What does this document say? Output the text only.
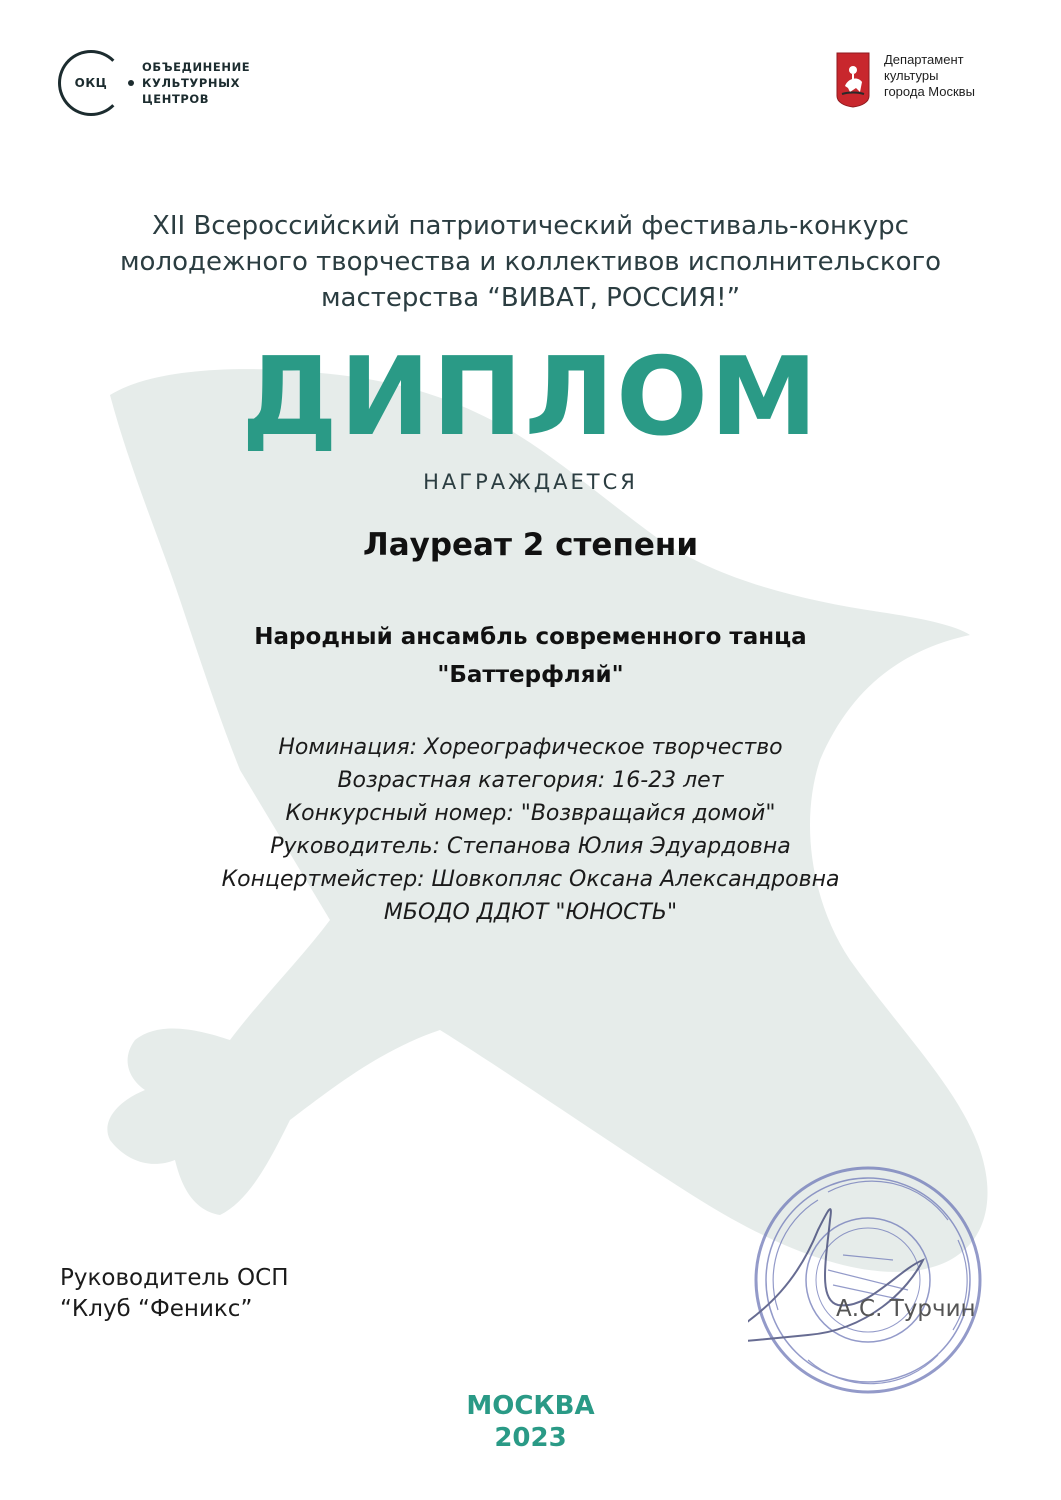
ОКЦ
ОБЪЕДИНЕНИЕ
КУЛЬТУРНЫХ
ЦЕНТРОВ
Департамент
культуры
города Москвы
XII Всероссийский патриотический фестиваль-конкурс
молодежного творчества и коллективов исполнительского
мастерства “ВИВАТ, РОССИЯ!”
ДИПЛОМ
НАГРАЖДАЕТСЯ
Лауреат 2 степени
Народный ансамбль современного танца
"Баттерфляй"
Номинация: Хореографическое творчество
Возрастная категория: 16-23 лет
Конкурсный номер: "Возвращайся домой"
Руководитель: Степанова Юлия Эдуардовна
Концертмейстер: Шовкопляс Оксана Александровна
МБОДО ДДЮТ "ЮНОСТЬ"
Руководитель ОСП
“Клуб “Феникс”	А.С. Турчин
МОСКВА
2023
